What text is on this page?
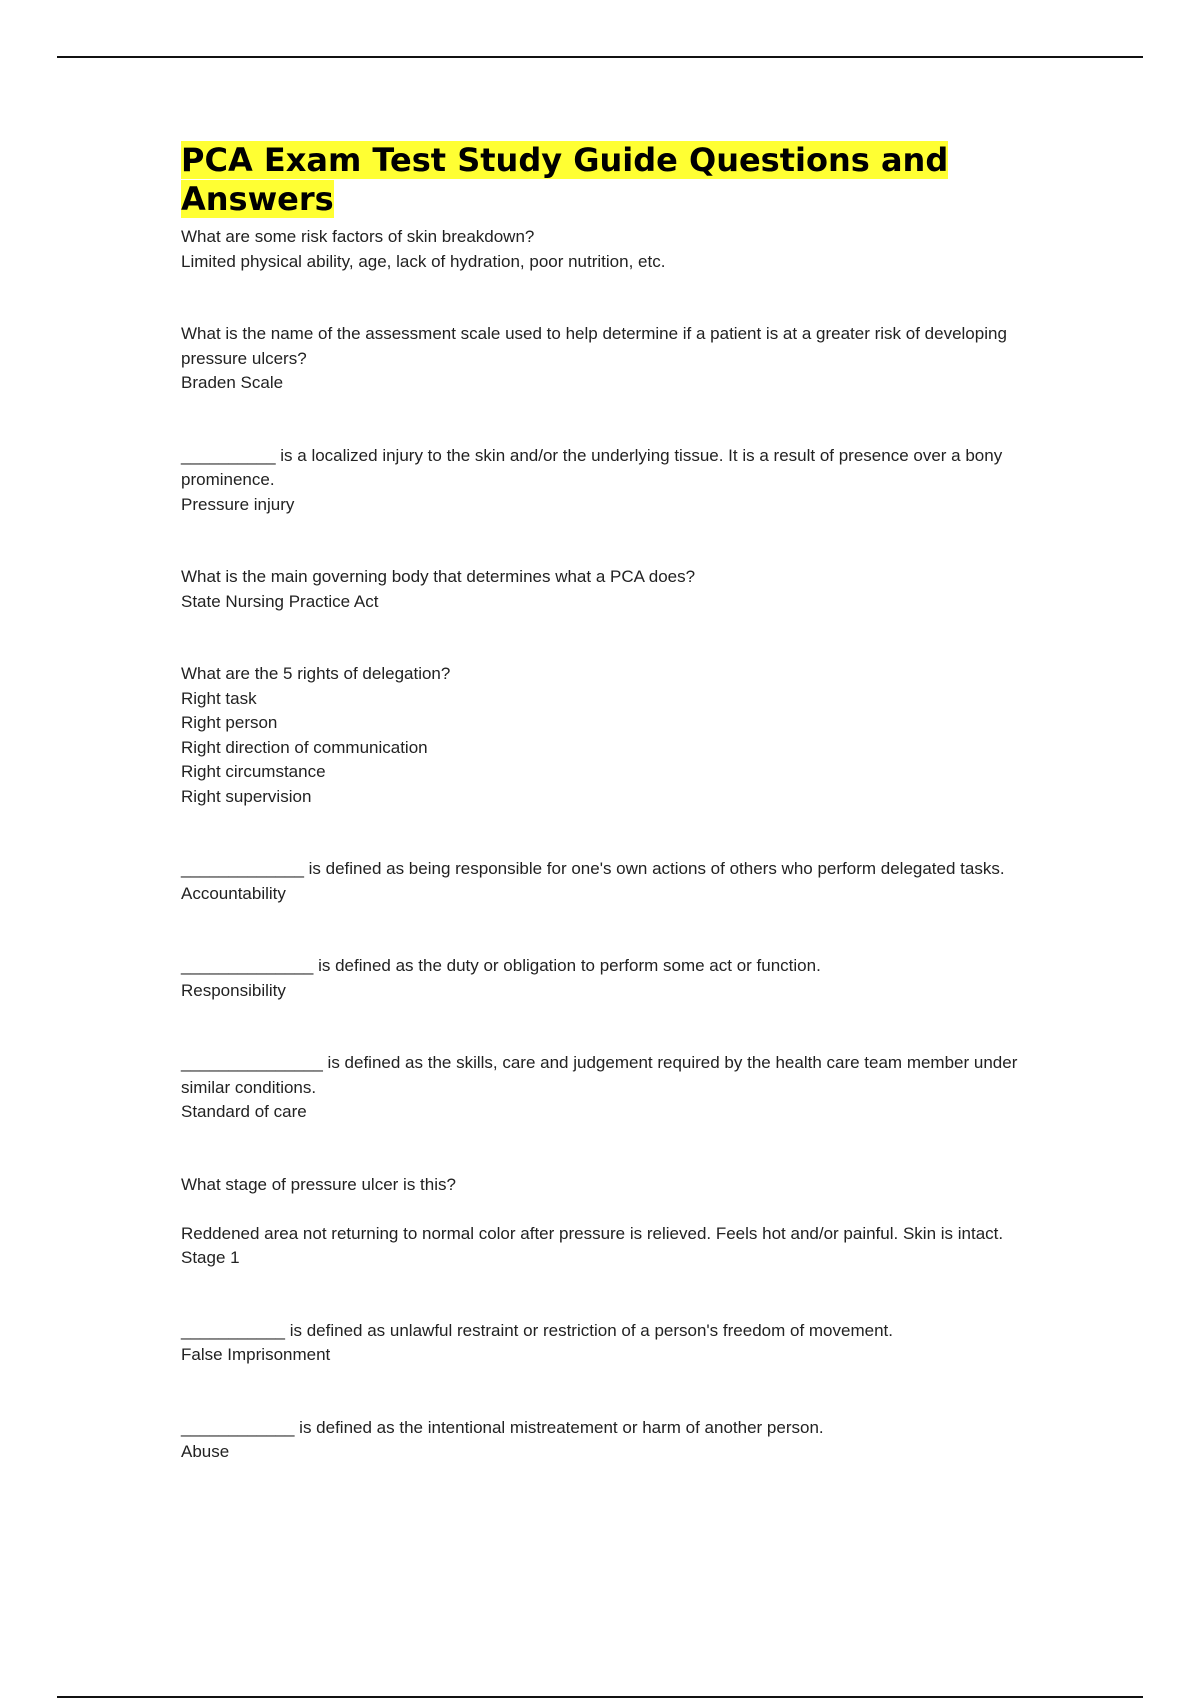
PCA Exam Test Study Guide Questions and Answers

What are some risk factors of skin breakdown?

Limited physical ability, age, lack of hydration, poor nutrition, etc.

What is the name of the assessment scale used to help determine if a patient is at a greater risk of developing pressure ulcers?

Braden Scale

__________ is a localized injury to the skin and/or the underlying tissue. It is a result of presence over a bony prominence.

Pressure injury

What is the main governing body that determines what a PCA does?

State Nursing Practice Act

What are the 5 rights of delegation?

Right task

Right person

Right direction of communication

Right circumstance

Right supervision

_____________ is defined as being responsible for one's own actions of others who perform delegated tasks.

Accountability

______________ is defined as the duty or obligation to perform some act or function.

Responsibility

_______________ is defined as the skills, care and judgement required by the health care team member under similar conditions.

Standard of care

What stage of pressure ulcer is this?

Reddened area not returning to normal color after pressure is relieved. Feels hot and/or painful. Skin is intact.

Stage 1

___________ is defined as unlawful restraint or restriction of a person's freedom of movement.

False Imprisonment

____________ is defined as the intentional mistreatement or harm of another person.

Abuse
